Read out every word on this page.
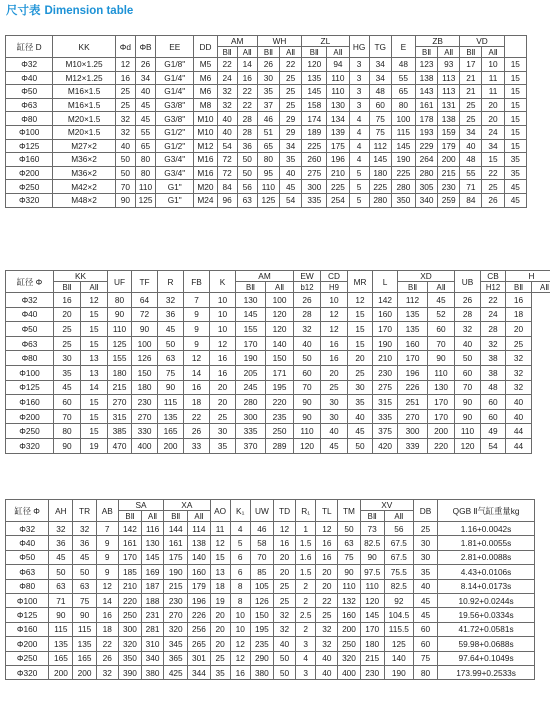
尺寸表 Dimension table
缸径 D	KK	Φd	ΦB	EE	DD	AM		WH		ZL		HG	TG	E	ZB		VD		
						BⅡ	AⅡ	BⅡ	AⅡ	BⅡ	AⅡ				BⅡ	AⅡ	BⅡ	AⅡ	
Φ32	M10×1.25	12	26	G1/8"	M5	22	14	26	22	120	94	3	34	48	123	93	17	10	15
Φ40	M12×1.25	16	34	G1/4"	M6	24	16	30	25	135	110	3	34	55	138	113	21	11	15
Φ50	M16×1.5	25	40	G1/4"	M6	32	22	35	25	145	110	3	48	65	143	113	21	11	15
Φ63	M16×1.5	25	45	G3/8"	M8	32	22	37	25	158	130	3	60	80	161	131	25	20	15
Φ80	M20×1.5	32	45	G3/8"	M10	40	28	46	29	174	134	4	75	100	178	138	25	20	15
Φ100	M20×1.5	32	55	G1/2"	M10	40	28	51	29	189	139	4	75	115	193	159	34	24	15
Φ125	M27×2	40	65	G1/2"	M12	54	36	65	34	225	175	4	112	145	229	179	40	34	15
Φ160	M36×2	50	80	G3/4"	M16	72	50	80	35	260	196	4	145	190	264	200	48	15	35
Φ200	M36×2	50	80	G3/4"	M16	72	50	95	40	275	210	5	180	225	280	215	55	22	35
Φ250	M42×2	70	110	G1"	M20	84	56	110	45	300	225	5	225	280	305	230	71	25	45
Φ320	M48×2	90	125	G1"	M24	96	63	125	54	335	254	5	280	350	340	259	84	26	45
缸径 Φ	KK		UF	TF	R	FB	K	AM		EW	CD	MR	L	XD		UB	CB	H	
	BⅡ	AⅡ						BⅡ	AⅡ	b12	H9			BⅡ	AⅡ		H12	BⅡ	AⅡ
Φ32	16	12	80	64	32	7	10	130	100	26	10	12	142	112	45	26	22	16	
Φ40	20	15	90	72	36	9	10	145	120	28	12	15	160	135	52	28	24	18	
Φ50	25	15	110	90	45	9	10	155	120	32	12	15	170	135	60	32	28	20	
Φ63	25	15	125	100	50	9	12	170	140	40	16	15	190	160	70	40	32	25	
Φ80	30	13	155	126	63	12	16	190	150	50	16	20	210	170	90	50	38	32	
Φ100	35	13	180	150	75	14	16	205	171	60	20	25	230	196	110	60	38	32	
Φ125	45	14	215	180	90	16	20	245	195	70	25	30	275	226	130	70	48	32	
Φ160	60	15	270	230	115	18	20	280	220	90	30	35	315	251	170	90	60	40	
Φ200	70	15	315	270	135	22	25	300	235	90	30	40	335	270	170	90	60	40	
Φ250	80	15	385	330	165	26	30	335	250	110	40	45	375	300	200	110	49	44	
Φ320	90	19	470	400	200	33	35	370	289	120	45	50	420	339	220	120	54	44	
缸径 Φ	AH	TR	AB	SA		XA		AO	K₁	UW	TD	R₁	TL	TM	XV		DB	QGB Ⅱ气缸重量kg
				BⅡ	AⅡ	BⅡ	AⅡ								BⅡ	AⅡ		
Φ32	32	32	7	142	116	144	114	11	4	46	12	1	12	50	73	56	25	1.16+0.0042s
Φ40	36	36	9	161	130	161	138	12	5	58	16	1.5	16	63	82.5	67.5	30	1.81+0.0055s
Φ50	45	45	9	170	145	175	140	15	6	70	20	1.6	16	75	90	67.5	30	2.81+0.0088s
Φ63	50	50	9	185	169	190	160	13	6	85	20	1.5	20	90	97.5	75.5	35	4.43+0.0106s
Φ80	63	63	12	210	187	215	179	18	8	105	25	2	20	110	110	82.5	40	8.14+0.0173s
Φ100	71	75	14	220	188	230	196	19	8	126	25	2	22	132	120	92	45	10.92+0.0244s
Φ125	90	90	16	250	231	270	226	20	10	150	32	2.5	25	160	145	104.5	45	19.56+0.0334s
Φ160	115	115	18	300	281	320	256	20	10	195	32	2	32	200	170	115.5	60	41.72+0.0581s
Φ200	135	135	22	320	310	345	265	20	12	235	40	3	32	250	180	125	60	59.98+0.0688s
Φ250	165	165	26	350	340	365	301	25	12	290	50	4	40	320	215	140	75	97.64+0.1049s
Φ320	200	200	32	390	380	425	344	35	16	380	50	3	40	400	230	190	80	173.99+0.2533s
